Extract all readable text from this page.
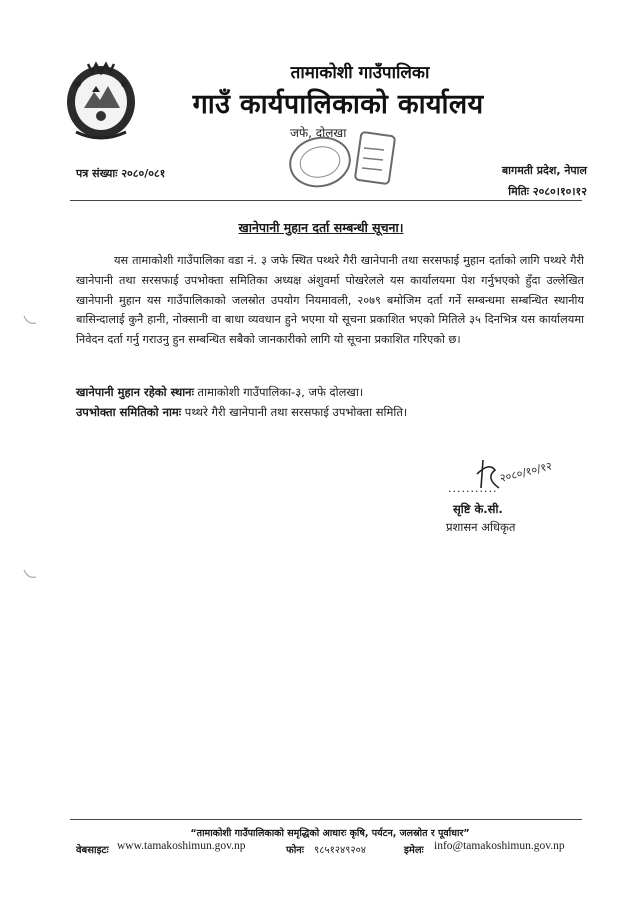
तामाकोशी गाउँपालिका
गाउँ कार्यपालिकाको कार्यालय
जफे, दोलखा
पत्र संख्याः २०८०/०८१	बागमती प्रदेश, नेपाल
मितिः २०८०।१०।१२
खानेपानी मुहान दर्ता सम्बन्धी सूचना।
यस तामाकोशी गाउँपालिका वडा नं. ३ जफे स्थित पथ्थरे गैरी खानेपानी तथा सरसफाई मुहान दर्ताको लागि पथ्थरे गैरी खानेपानी तथा सरसफाई उपभोक्ता समितिका अध्यक्ष अंशुवर्मा पोखरेलले यस कार्यालयमा पेश गर्नुभएको हुँदा उल्लेखित खानेपानी मुहान यस गाउँपालिकाको जलस्रोत उपयोग नियमावली, २०७९ बमोजिम दर्ता गर्ने सम्बन्धमा सम्बन्धित स्थानीय बासिन्दालाई कुनै हानी, नोक्सानी वा बाधा व्यवधान हुने भएमा यो सूचना प्रकाशित भएको मितिले ३५ दिनभित्र यस कार्यालयमा निवेदन दर्ता गर्नु गराउनु हुन सम्बन्धित सबैको जानकारीको लागि यो सूचना प्रकाशित गरिएको छ।
खानेपानी मुहान रहेको स्थानः तामाकोशी गाउँपालिका-३, जफे दोलखा।
उपभोक्ता समितिको नामः पथ्थरे गैरी खानेपानी तथा सरसफाई उपभोक्ता समिति।
२०८०/१०/१२
...........
सृष्टि के.सी.
प्रशासन अधिकृत
“तामाकोशी गाउँपालिकाको समृद्धिको आधारः कृषि, पर्यटन, जलस्रोत र पूर्वाधार”
वेबसाइटः www.tamakoshimun.gov.np	फोनः ९८५१२४९२०४	इमेलः info@tamakoshimun.gov.np
